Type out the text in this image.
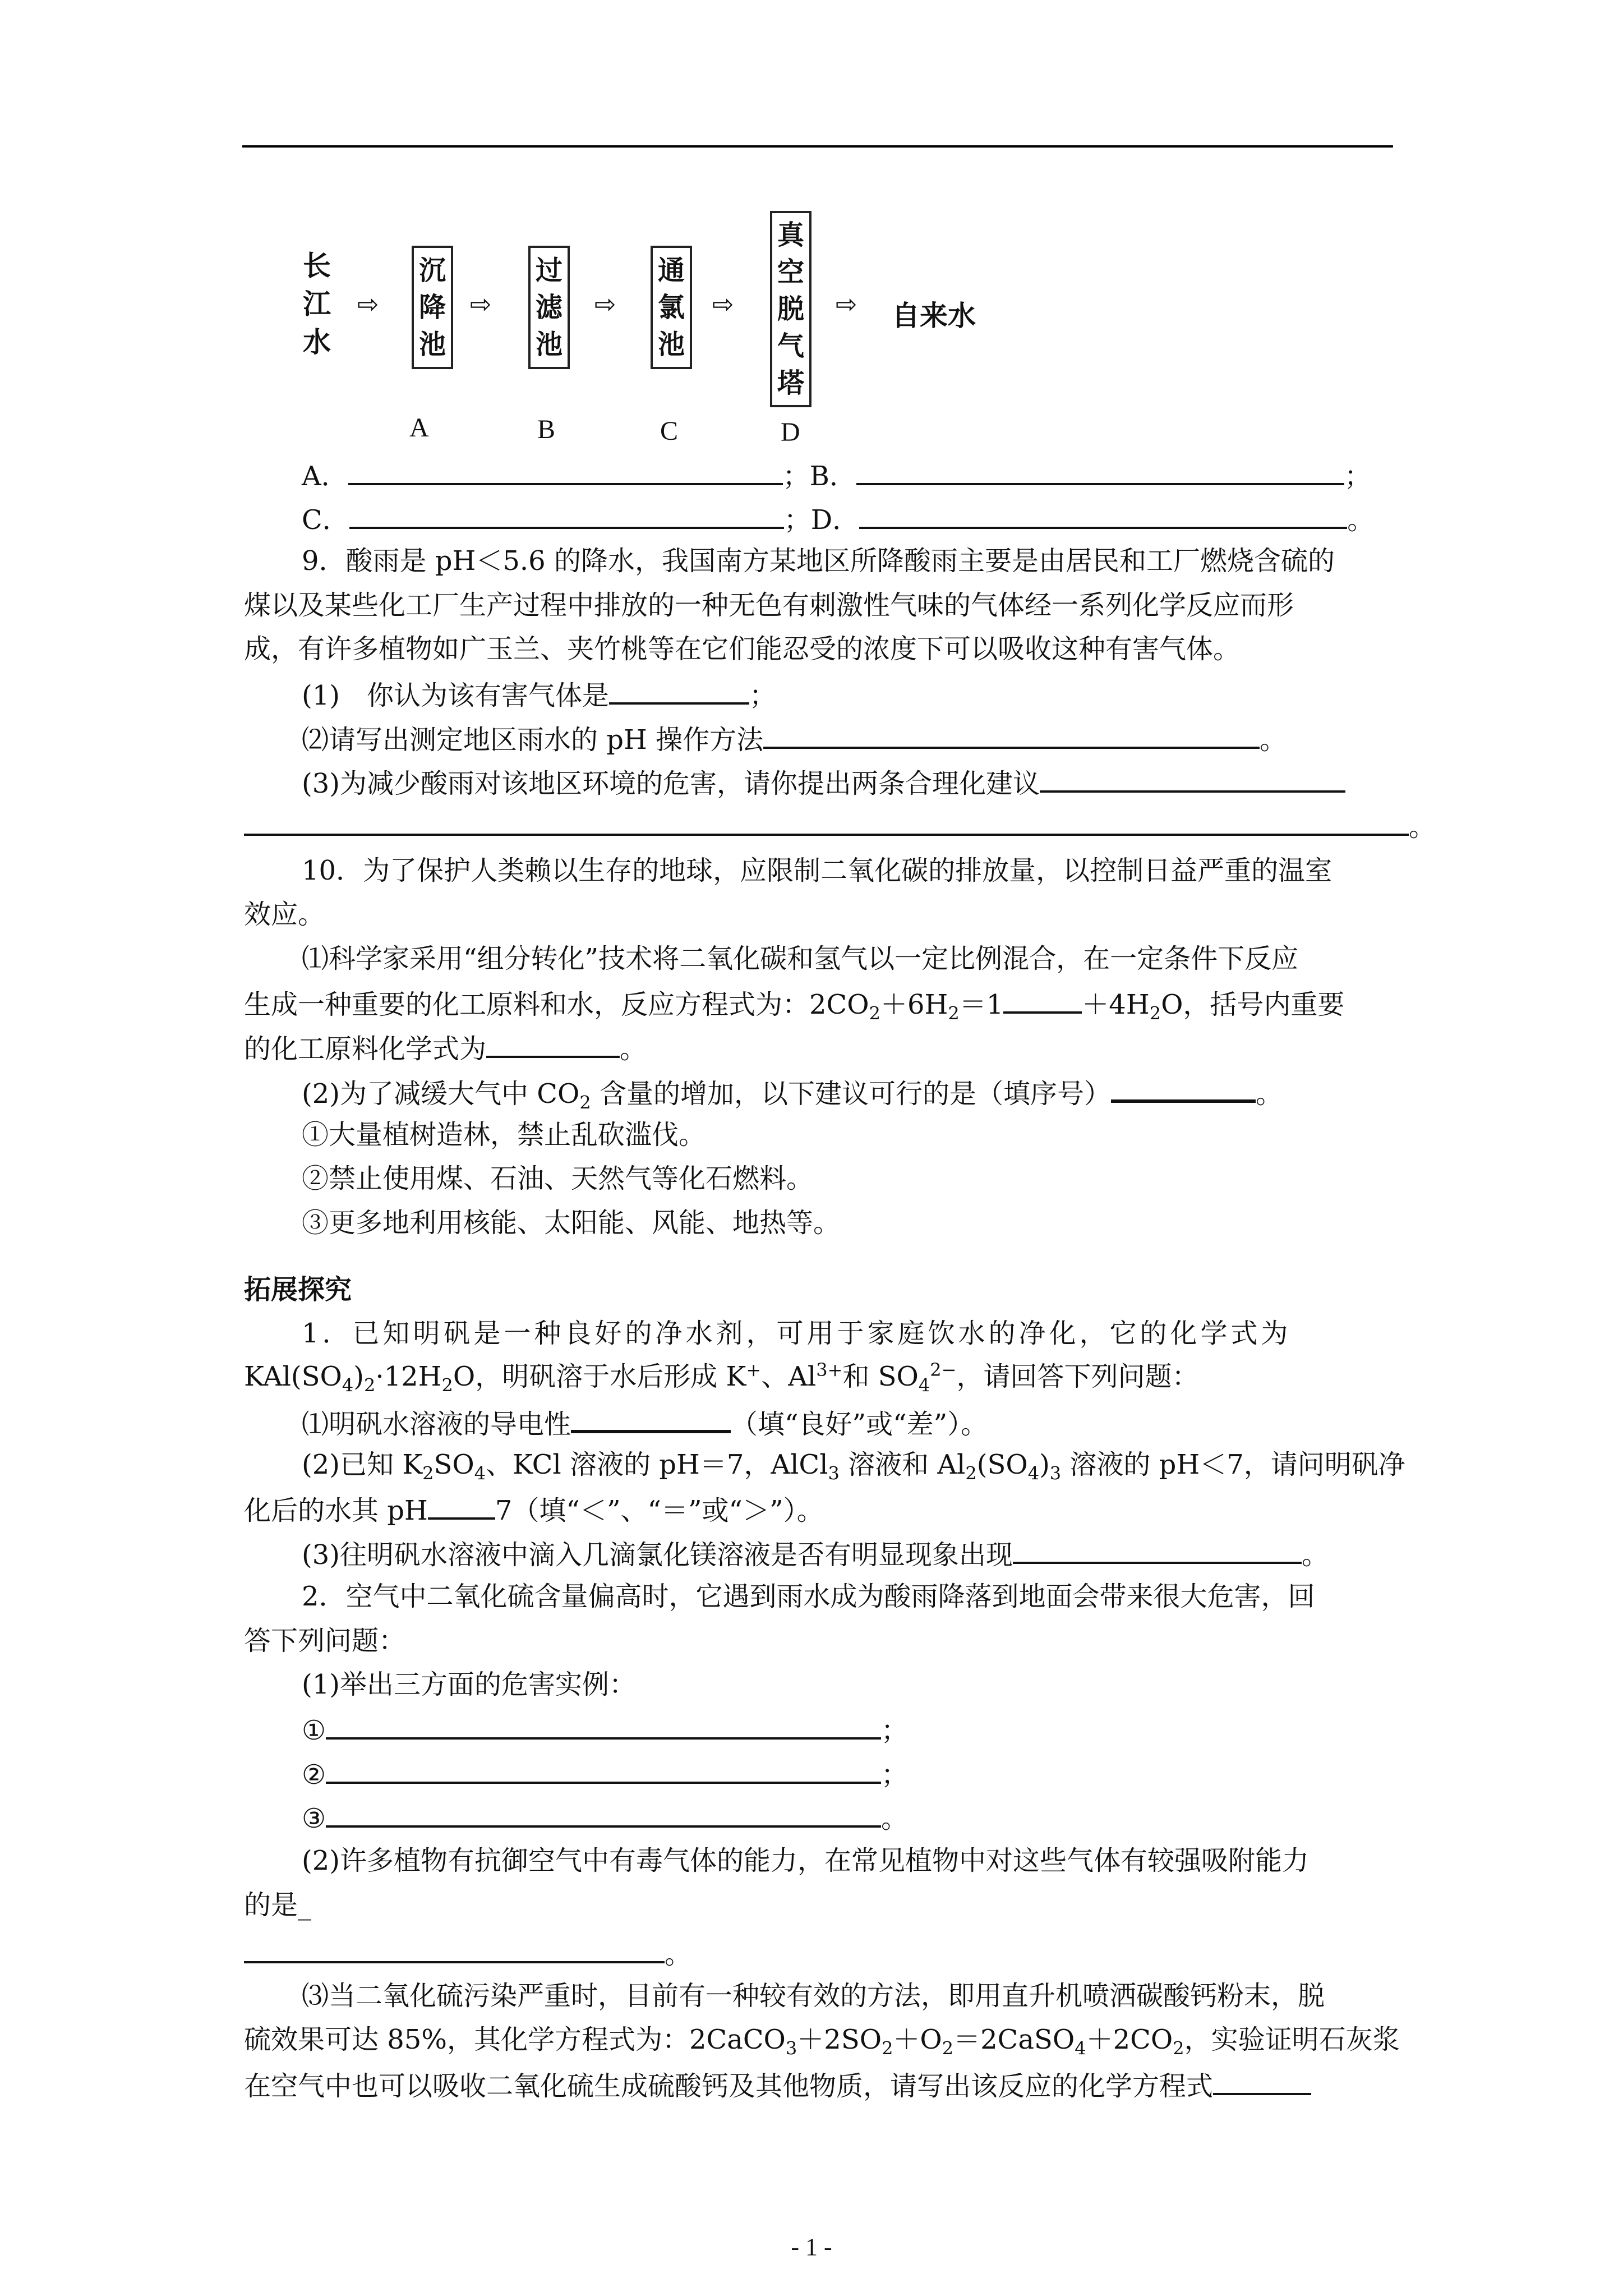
长
江
水
⇨
沉
降
池
⇨
过
滤
池
⇨
通
氯
池
⇨
真
空
脱
气
塔
⇨ 自来水
A	B	C	D
A．	；B．	；
C．	；D．	。
9．酸雨是 pH＜5.6 的降水，我国南方某地区所降酸雨主要是由居民和工厂燃烧含硫的
煤以及某些化工厂生产过程中排放的一种无色有刺激性气味的气体经一系列化学反应而形
成，有许多植物如广玉兰、夹竹桃等在它们能忍受的浓度下可以吸收这种有害气体。
(1)　你认为该有害气体是	；
⑵请写出测定地区雨水的 pH 操作方法	。
(3)为减少酸雨对该地区环境的危害，请你提出两条合理化建议
。
10．为了保护人类赖以生存的地球，应限制二氧化碳的排放量，以控制日益严重的温室
效应。
⑴科学家采用“组分转化”技术将二氧化碳和氢气以一定比例混合，在一定条件下反应
生成一种重要的化工原料和水，反应方程式为：$2CO_2+6H_2=1$	$+4H_2O$，括号内重要
的化工原料化学式为	。
(2)为了减缓大气中 $CO_2$ 含量的增加，以下建议可行的是（填序号）	。
①大量植树造林，禁止乱砍滥伐。
②禁止使用煤、石油、天然气等化石燃料。
③更多地利用核能、太阳能、风能、地热等。
拓展探究
1．已知明矾是一种良好的净水剂，可用于家庭饮水的净化，它的化学式为
$KAl(SO_4)_2\cdot 12H_2O$，明矾溶于水后形成 K+、$Al^{3+}$和 $SO_4^{2-}$，请回答下列问题：
⑴明矾水溶液的导电性	（填“良好”或“差”）。
(2)已知 $K_2SO_4$、KCl 溶液的 pH＝7，AlCl$_3$ 溶液和 $Al_2(SO_4)_3$ 溶液的 pH＜7，请问明矾净
化后的水其 pH	7（填“＜”、“＝”或“＞”）。
(3)往明矾水溶液中滴入几滴氯化镁溶液是否有明显现象出现	。
2．空气中二氧化硫含量偏高时，它遇到雨水成为酸雨降落到地面会带来很大危害，回
答下列问题：
(1)举出三方面的危害实例：
①	；
②	；
③	。
(2)许多植物有抗御空气中有毒气体的能力，在常见植物中对这些气体有较强吸附能力
的是_
。
⑶当二氧化硫污染严重时，目前有一种较有效的方法，即用直升机喷洒碳酸钙粉末，脱
硫效果可达 85%，其化学方程式为：$2CaCO_3+2SO_2+O_2=2CaSO_4+2CO_2$，实验证明石灰浆
在空气中也可以吸收二氧化硫生成硫酸钙及其他物质，请写出该反应的化学方程式
- 1 -
